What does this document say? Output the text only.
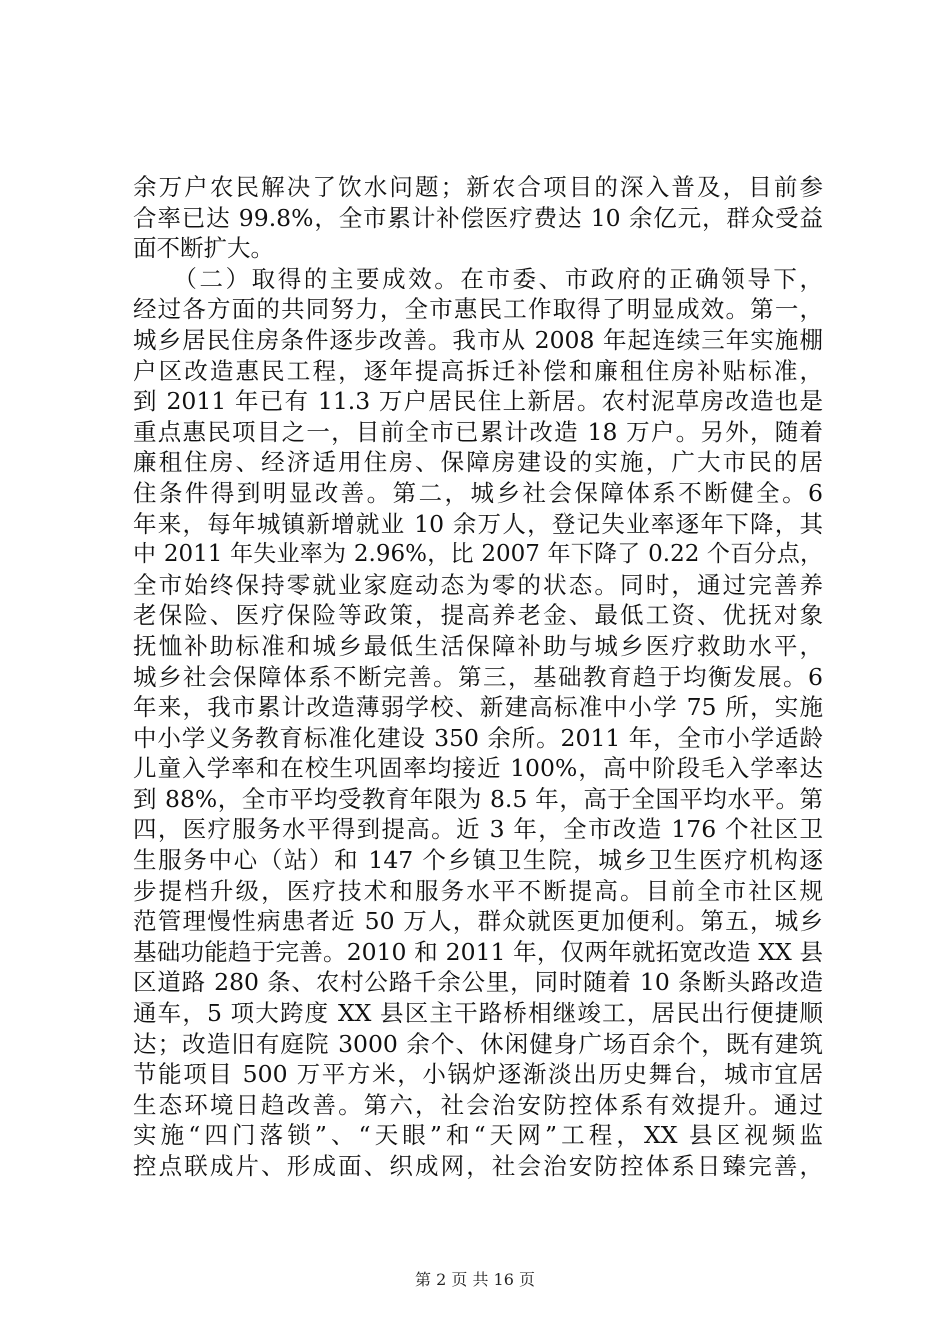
余万户农民解决了饮水问题；新农合项目的深入普及，目前参
合率已达 99.8%，全市累计补偿医疗费达 10 余亿元，群众受益
面不断扩大。
　　（二）取得的主要成效。在市委、市政府的正确领导下，
经过各方面的共同努力，全市惠民工作取得了明显成效。第一，
城乡居民住房条件逐步改善。我市从 2008 年起连续三年实施棚
户区改造惠民工程，逐年提高拆迁补偿和廉租住房补贴标准，
到 2011 年已有 11.3 万户居民住上新居。农村泥草房改造也是
重点惠民项目之一，目前全市已累计改造 18 万户。另外，随着
廉租住房、经济适用住房、保障房建设的实施，广大市民的居
住条件得到明显改善。第二，城乡社会保障体系不断健全。6
年来，每年城镇新增就业 10 余万人，登记失业率逐年下降，其
中 2011 年失业率为 2.96%，比 2007 年下降了 0.22 个百分点，
全市始终保持零就业家庭动态为零的状态。同时，通过完善养
老保险、医疗保险等政策，提高养老金、最低工资、优抚对象
抚恤补助标准和城乡最低生活保障补助与城乡医疗救助水平，
城乡社会保障体系不断完善。第三，基础教育趋于均衡发展。6
年来，我市累计改造薄弱学校、新建高标准中小学 75 所，实施
中小学义务教育标准化建设 350 余所。2011 年，全市小学适龄
儿童入学率和在校生巩固率均接近 100%，高中阶段毛入学率达
到 88%，全市平均受教育年限为 8.5 年，高于全国平均水平。第
四，医疗服务水平得到提高。近 3 年，全市改造 176 个社区卫
生服务中心（站）和 147 个乡镇卫生院，城乡卫生医疗机构逐
步提档升级，医疗技术和服务水平不断提高。目前全市社区规
范管理慢性病患者近 50 万人，群众就医更加便利。第五，城乡
基础功能趋于完善。2010 和 2011 年，仅两年就拓宽改造 XX 县
区道路 280 条、农村公路千余公里，同时随着 10 条断头路改造
通车，5 项大跨度 XX 县区主干路桥相继竣工，居民出行便捷顺
达；改造旧有庭院 3000 余个、休闲健身广场百余个，既有建筑
节能项目 500 万平方米，小锅炉逐渐淡出历史舞台，城市宜居
生态环境日趋改善。第六，社会治安防控体系有效提升。通过
实施“四门落锁”、“天眼”和“天网”工程，XX 县区视频监
控点联成片、形成面、织成网，社会治安防控体系日臻完善，
第 2 页 共 16 页
